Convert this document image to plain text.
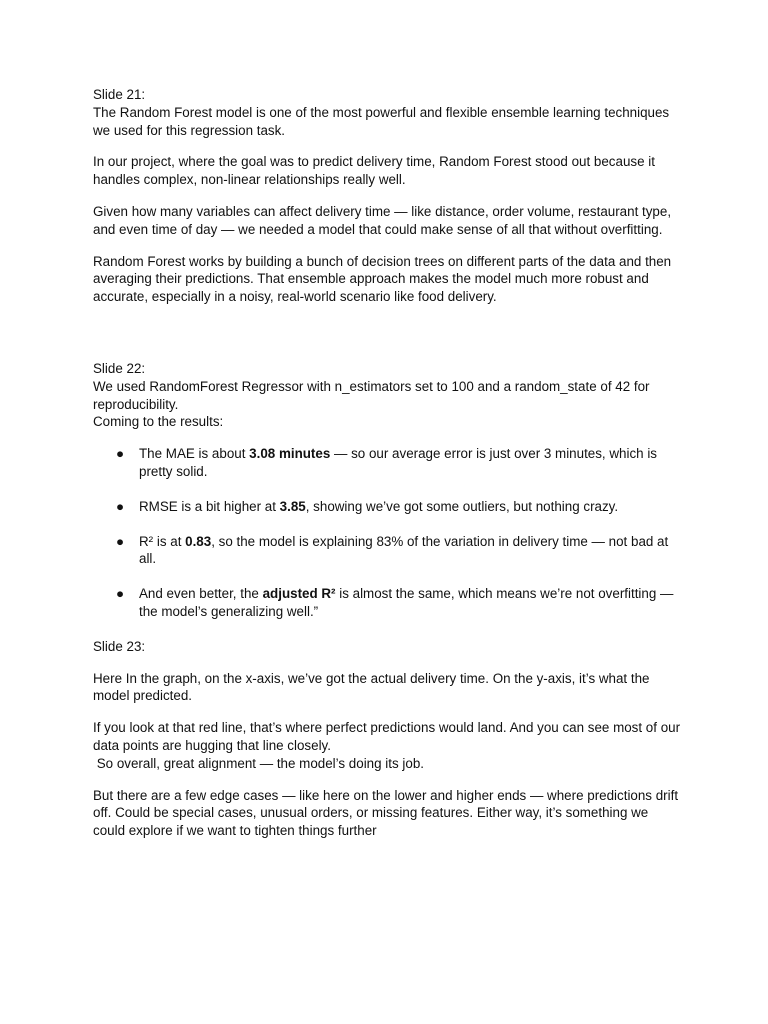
Slide 21:

The Random Forest model is one of the most powerful and flexible ensemble learning techniques we used for this regression task.

In our project, where the goal was to predict delivery time, Random Forest stood out because it handles complex, non-linear relationships really well.

Given how many variables can affect delivery time — like distance, order volume, restaurant type, and even time of day — we needed a model that could make sense of all that without overfitting.

Random Forest works by building a bunch of decision trees on different parts of the data and then averaging their predictions. That ensemble approach makes the model much more robust and accurate, especially in a noisy, real-world scenario like food delivery.

Slide 22:
We used RandomForest Regressor with n_estimators set to 100 and a random_state of 42 for reproducibility.
Coming to the results:
● The MAE is about 3.08 minutes — so our average error is just over 3 minutes, which is pretty solid.
● RMSE is a bit higher at 3.85, showing we’ve got some outliers, but nothing crazy.
● R² is at 0.83, so the model is explaining 83% of the variation in delivery time — not bad at all.
● And even better, the adjusted R² is almost the same, which means we’re not overfitting — the model’s generalizing well.”

Slide 23:

Here In the graph, on the x-axis, we’ve got the actual delivery time. On the y-axis, it’s what the model predicted.

If you look at that red line, that’s where perfect predictions would land. And you can see most of our data points are hugging that line closely.
So overall, great alignment — the model’s doing its job.

But there are a few edge cases — like here on the lower and higher ends — where predictions drift off. Could be special cases, unusual orders, or missing features. Either way, it’s something we could explore if we want to tighten things further
